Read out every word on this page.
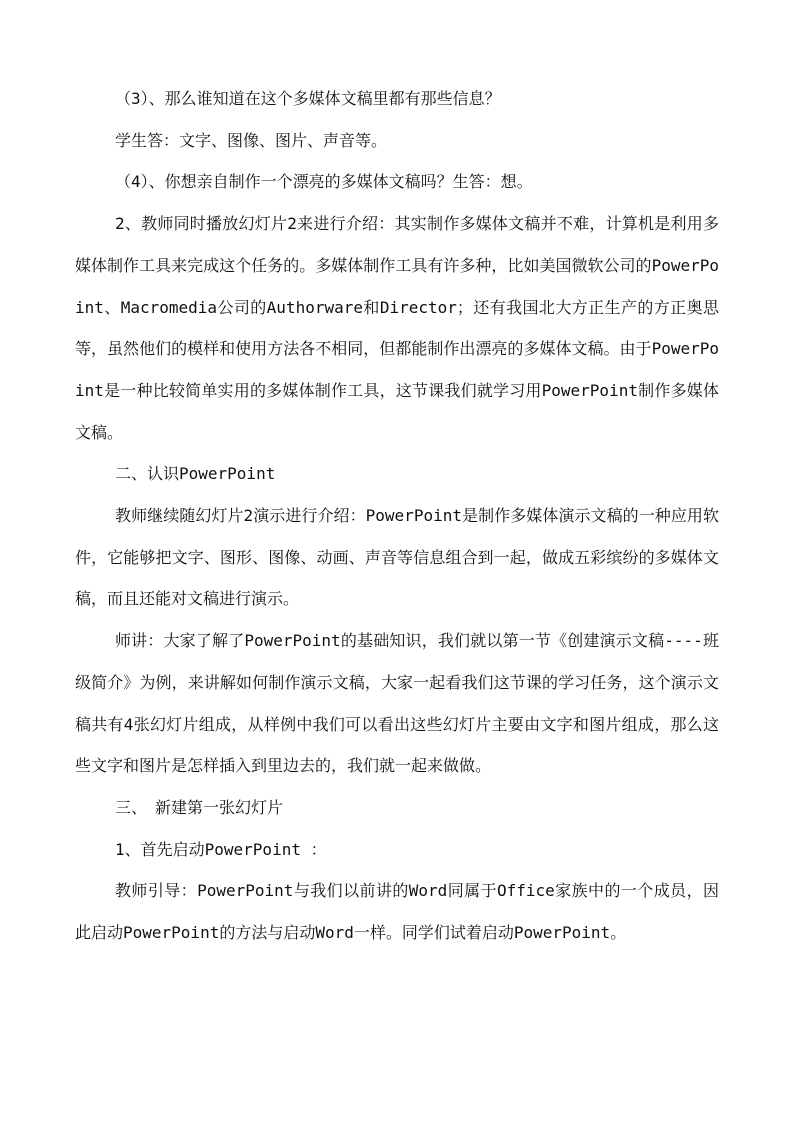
（3）、那么谁知道在这个多媒体文稿里都有那些信息？

学生答：文字、图像、图片、声音等。

（4）、你想亲自制作一个漂亮的多媒体文稿吗？生答：想。

2、教师同时播放幻灯片2来进行介绍：其实制作多媒体文稿并不难，计算机是利用多媒体制作工具来完成这个任务的。多媒体制作工具有许多种，比如美国微软公司的PowerPoint、Macromedia公司的Authorware和Director；还有我国北大方正生产的方正奥思等，虽然他们的模样和使用方法各不相同，但都能制作出漂亮的多媒体文稿。由于PowerPoint是一种比较简单实用的多媒体制作工具，这节课我们就学习用PowerPoint制作多媒体文稿。

二、认识PowerPoint

教师继续随幻灯片2演示进行介绍：PowerPoint是制作多媒体演示文稿的一种应用软件，它能够把文字、图形、图像、动画、声音等信息组合到一起，做成五彩缤纷的多媒体文稿，而且还能对文稿进行演示。

师讲：大家了解了PowerPoint的基础知识，我们就以第一节《创建演示文稿----班级简介》为例，来讲解如何制作演示文稿，大家一起看我们这节课的学习任务，这个演示文稿共有4张幻灯片组成，从样例中我们可以看出这些幻灯片主要由文字和图片组成，那么这些文字和图片是怎样插入到里边去的，我们就一起来做做。

三、　新建第一张幻灯片

1、首先启动PowerPoint ：

教师引导：PowerPoint与我们以前讲的Word同属于Office家族中的一个成员，因此启动PowerPoint的方法与启动Word一样。同学们试着启动PowerPoint。
